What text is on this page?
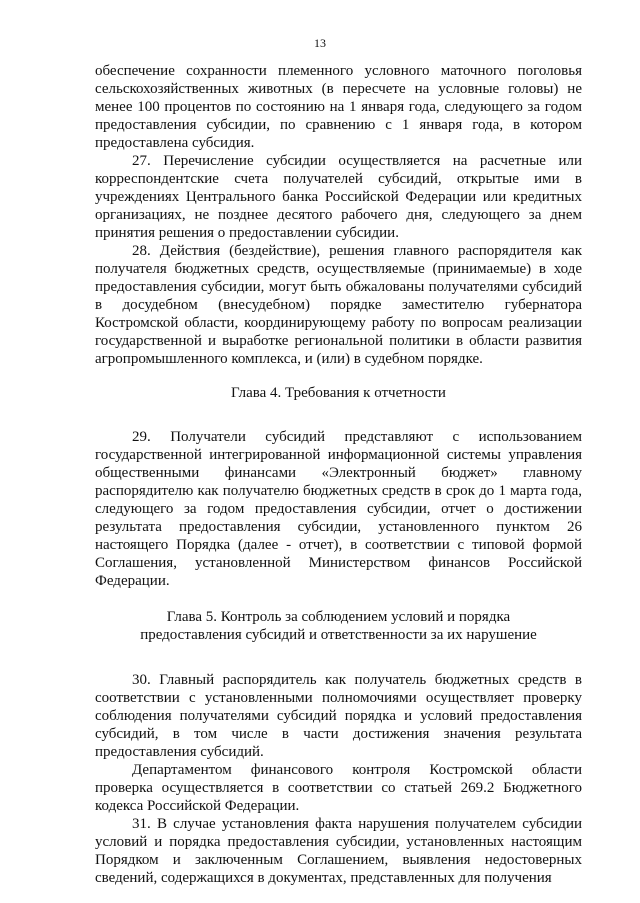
13

обеспечение сохранности племенного условного маточного поголовья сельскохозяйственных животных (в пересчете на условные головы) не менее 100 процентов по состоянию на 1 января года, следующего за годом предоставления субсидии, по сравнению с 1 января года, в котором предоставлена субсидия.

27. Перечисление субсидии осуществляется на расчетные или корреспондентские счета получателей субсидий, открытые ими в учреждениях Центрального банка Российской Федерации или кредитных организациях, не позднее десятого рабочего дня, следующего за днем принятия решения о предоставлении субсидии.

28. Действия (бездействие), решения главного распорядителя как получателя бюджетных средств, осуществляемые (принимаемые) в ходе предоставления субсидии, могут быть обжалованы получателями субсидий в досудебном (внесудебном) порядке заместителю губернатора Костромской области, координирующему работу по вопросам реализации государственной и выработке региональной политики в области развития агропромышленного комплекса, и (или) в судебном порядке.

Глава 4. Требования к отчетности

29. Получатели субсидий представляют с использованием государственной интегрированной информационной системы управления общественными финансами «Электронный бюджет» главному распорядителю как получателю бюджетных средств в срок до 1 марта года, следующего за годом предоставления субсидии, отчет о достижении результата предоставления субсидии, установленного пунктом 26 настоящего Порядка (далее - отчет), в соответствии с типовой формой Соглашения, установленной Министерством финансов Российской Федерации.

Глава 5. Контроль за соблюдением условий и порядка
предоставления субсидий и ответственности за их нарушение

30. Главный распорядитель как получатель бюджетных средств в соответствии с установленными полномочиями осуществляет проверку соблюдения получателями субсидий порядка и условий предоставления субсидий, в том числе в части достижения значения результата предоставления субсидий.

Департаментом финансового контроля Костромской области проверка осуществляется в соответствии со статьей 269.2 Бюджетного кодекса Российской Федерации.

31. В случае установления факта нарушения получателем субсидии условий и порядка предоставления субсидии, установленных настоящим Порядком и заключенным Соглашением, выявления недостоверных сведений, содержащихся в документах, представленных для получения
